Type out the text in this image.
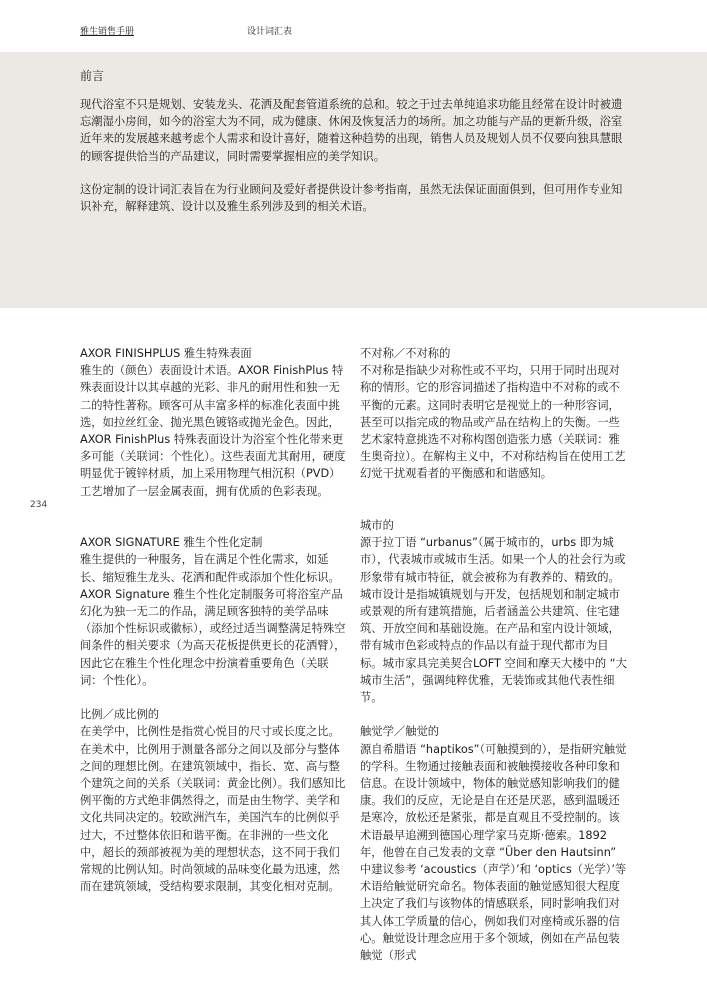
雅生销售手册	设计词汇表
前言

现代浴室不只是规划、安装龙头、花洒及配套管道系统的总和。较之于过去单纯追求功能且经常在设计时被遗忘潮湿小房间，如今的浴室大为不同，成为健康、休闲及恢复活力的场所。加之功能与产品的更新升级，浴室近年来的发展越来越考虑个人需求和设计喜好，随着这种趋势的出现，销售人员及规划人员不仅要向独具慧眼的顾客提供恰当的产品建议，同时需要掌握相应的美学知识。

这份定制的设计词汇表旨在为行业顾问及爱好者提供设计参考指南，虽然无法保证面面俱到，但可用作专业知识补充，解释建筑、设计以及雅生系列涉及到的相关术语。

234
AXOR FINISHPLUS 雅生特殊表面

雅生的（颜色）表面设计术语。AXOR FinishPlus 特殊表面设计以其卓越的光彩、非凡的耐用性和独一无二的特性著称。顾客可从丰富多样的标准化表面中挑选，如拉丝红金、抛光黑色镀铬或抛光金色。因此，AXOR FinishPlus 特殊表面设计为浴室个性化带来更多可能（关联词：个性化）。这些表面尤其耐用，硬度明显优于镀锌材质，加上采用物理气相沉积（PVD）工艺增加了一层金属表面，拥有优质的色彩表现。

AXOR SIGNATURE 雅生个性化定制

雅生提供的一种服务，旨在满足个性化需求，如延长、缩短雅生龙头、花洒和配件或添加个性化标识。AXOR Signature 雅生个性化定制服务可将浴室产品幻化为独一无二的作品，满足顾客独特的美学品味（添加个性标识或徽标），或经过适当调整满足特殊空间条件的相关要求（为高天花板提供更长的花洒臂），因此它在雅生个性化理念中扮演着重要角色（关联词：个性化）。

比例／成比例的

在美学中，比例性是指赏心悦目的尺寸或长度之比。在美术中，比例用于测量各部分之间以及部分与整体之间的理想比例。在建筑领域中，指长、宽、高与整个建筑之间的关系（关联词：黄金比例）。我们感知比例平衡的方式绝非偶然得之，而是由生物学、美学和文化共同决定的。较欧洲汽车，美国汽车的比例似乎过大，不过整体依旧和谐平衡。在非洲的一些文化中，超长的颈部被视为美的理想状态，这不同于我们常规的比例认知。时尚领域的品味变化最为迅速，然而在建筑领域，受结构要求限制，其变化相对克制。

不对称／不对称的

不对称是指缺少对称性或不平均，只用于同时出现对称的情形。它的形容词描述了指构造中不对称的或不平衡的元素。这同时表明它是视觉上的一种形容词，甚至可以指完成的物品或产品在结构上的失衡。一些艺术家特意挑选不对称构图创造张力感（关联词：雅生奥奇拉）。在解构主义中，不对称结构旨在使用工艺幻觉干扰观看者的平衡感和和谐感知。

城市的

源于拉丁语 “urbanus”（属于城市的，urbs 即为城市），代表城市或城市生活。如果一个人的社会行为或形象带有城市特征，就会被称为有教养的、精致的。城市设计是指城镇规划与开发，包括规划和制定城市或景观的所有建筑措施，后者涵盖公共建筑、住宅建筑、开放空间和基础设施。在产品和室内设计领域，带有城市色彩或特点的作品以有益于现代都市为目标。城市家具完美契合LOFT 空间和摩天大楼中的 “大城市生活”，强调纯粹优雅，无装饰或其他代表性细节。

触觉学／触觉的

源自希腊语 “haptikos”（可触摸到的），是指研究触觉的学科。生物通过接触表面和被触摸接收各种印象和信息。在设计领域中，物体的触觉感知影响我们的健康。我们的反应，无论是自在还是厌恶，感到温暖还是寒冷，放松还是紧张，都是直观且不受控制的。该术语最早追溯到德国心理学家马克斯·德索。1892 年，他曾在自己发表的文章 “Über den Hautsinn” 中建议参考 ‘acoustics（声学）’和 ‘optics（光学）’等术语给触觉研究命名。物体表面的触觉感知很大程度上决定了我们与该物体的情感联系，同时影响我们对其人体工学质量的信心，例如我们对座椅或乐器的信心。触觉设计理念应用于多个领域，例如在产品包装触觉（形式
